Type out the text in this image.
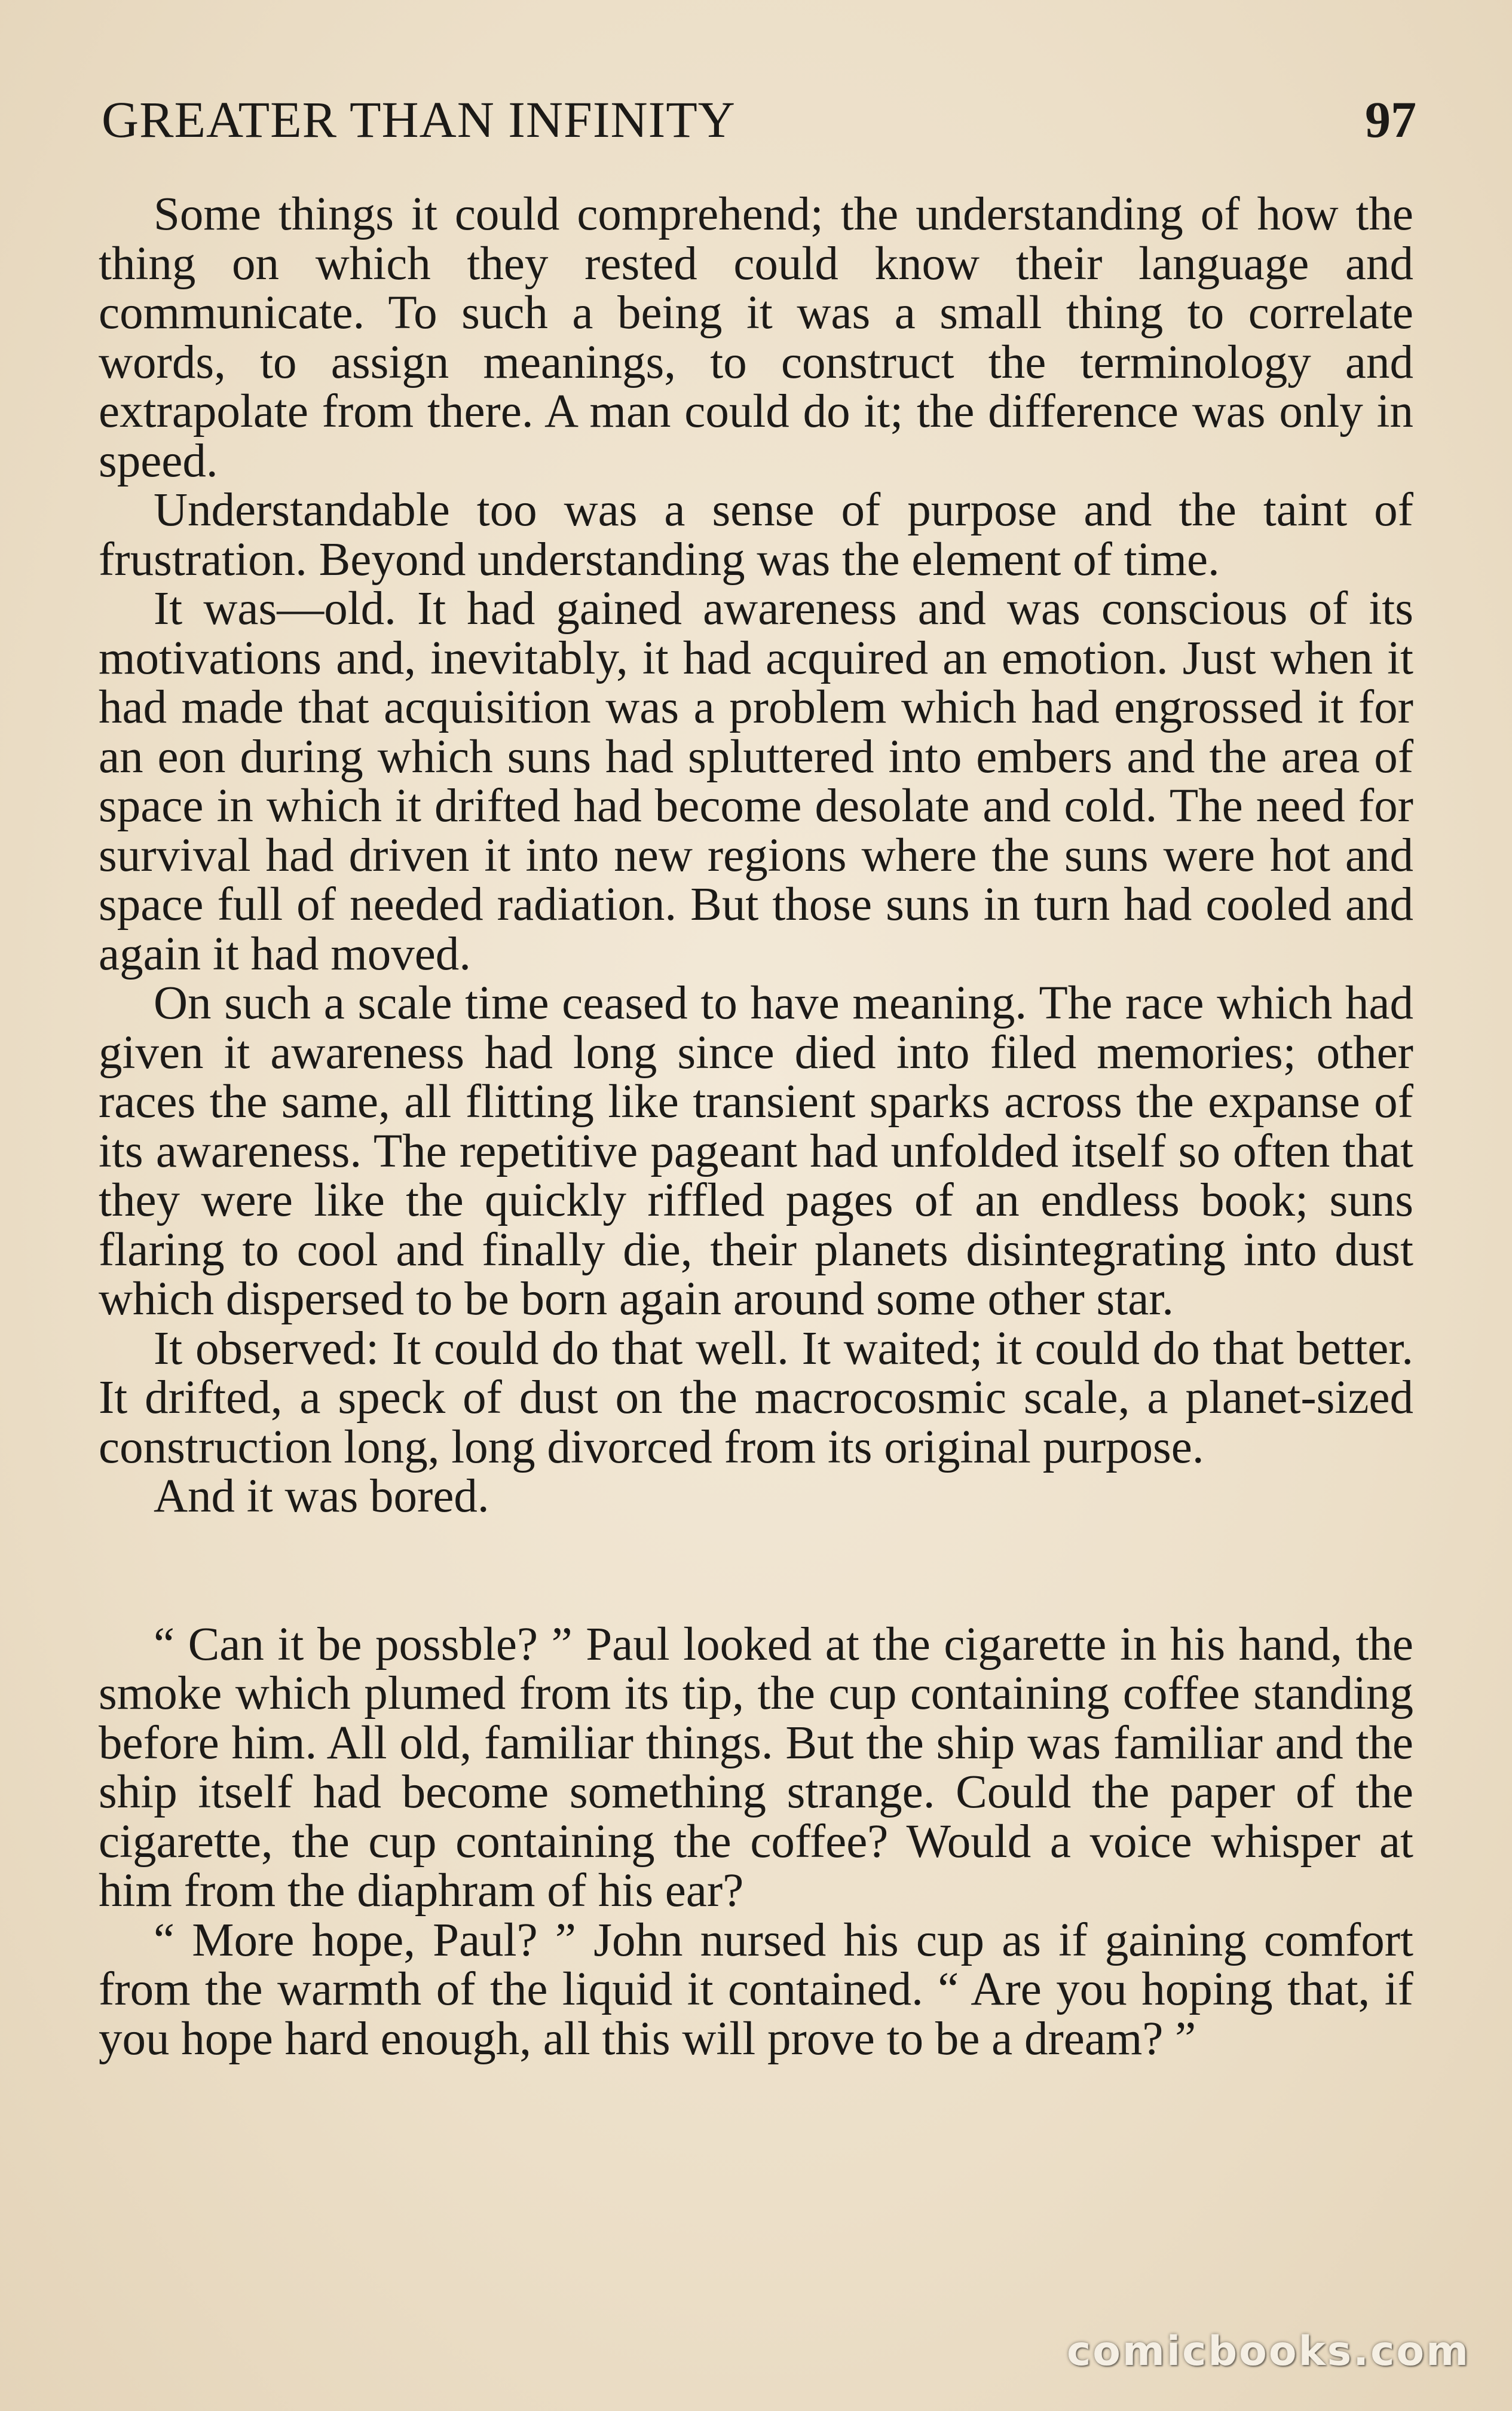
GREATER THAN INFINITY	97

Some things it could comprehend; the understanding of how the thing on which they rested could know their language and communicate. To such a being it was a small thing to correlate words, to assign meanings, to construct the terminology and extrapolate from there. A man could do it; the difference was only in speed.

Understandable too was a sense of purpose and the taint of frustration. Beyond understanding was the element of time.

It was—old. It had gained awareness and was conscious of its motivations and, inevitably, it had acquired an emotion. Just when it had made that acquisition was a problem which had engrossed it for an eon during which suns had spluttered into embers and the area of space in which it drifted had become desolate and cold. The need for survival had driven it into new regions where the suns were hot and space full of needed radiation. But those suns in turn had cooled and again it had moved.

On such a scale time ceased to have meaning. The race which had given it awareness had long since died into filed memories; other races the same, all flitting like transient sparks across the expanse of its awareness. The repetitive pageant had unfolded itself so often that they were like the quickly riffled pages of an endless book; suns flaring to cool and finally die, their planets disintegrating into dust which dispersed to be born again around some other star.

It observed: It could do that well. It waited; it could do that better. It drifted, a speck of dust on the macrocosmic scale, a planet-sized construction long, long divorced from its original purpose.

And it was bored.

“ Can it be possble? ” Paul looked at the cigarette in his hand, the smoke which plumed from its tip, the cup containing coffee standing before him. All old, familiar things. But the ship was familiar and the ship itself had become something strange. Could the paper of the cigarette, the cup containing the coffee? Would a voice whisper at him from the diaphram of his ear?

“ More hope, Paul? ” John nursed his cup as if gaining comfort from the warmth of the liquid it contained. “ Are you hoping that, if you hope hard enough, all this will prove to be a dream? ”

comicbooks.com
